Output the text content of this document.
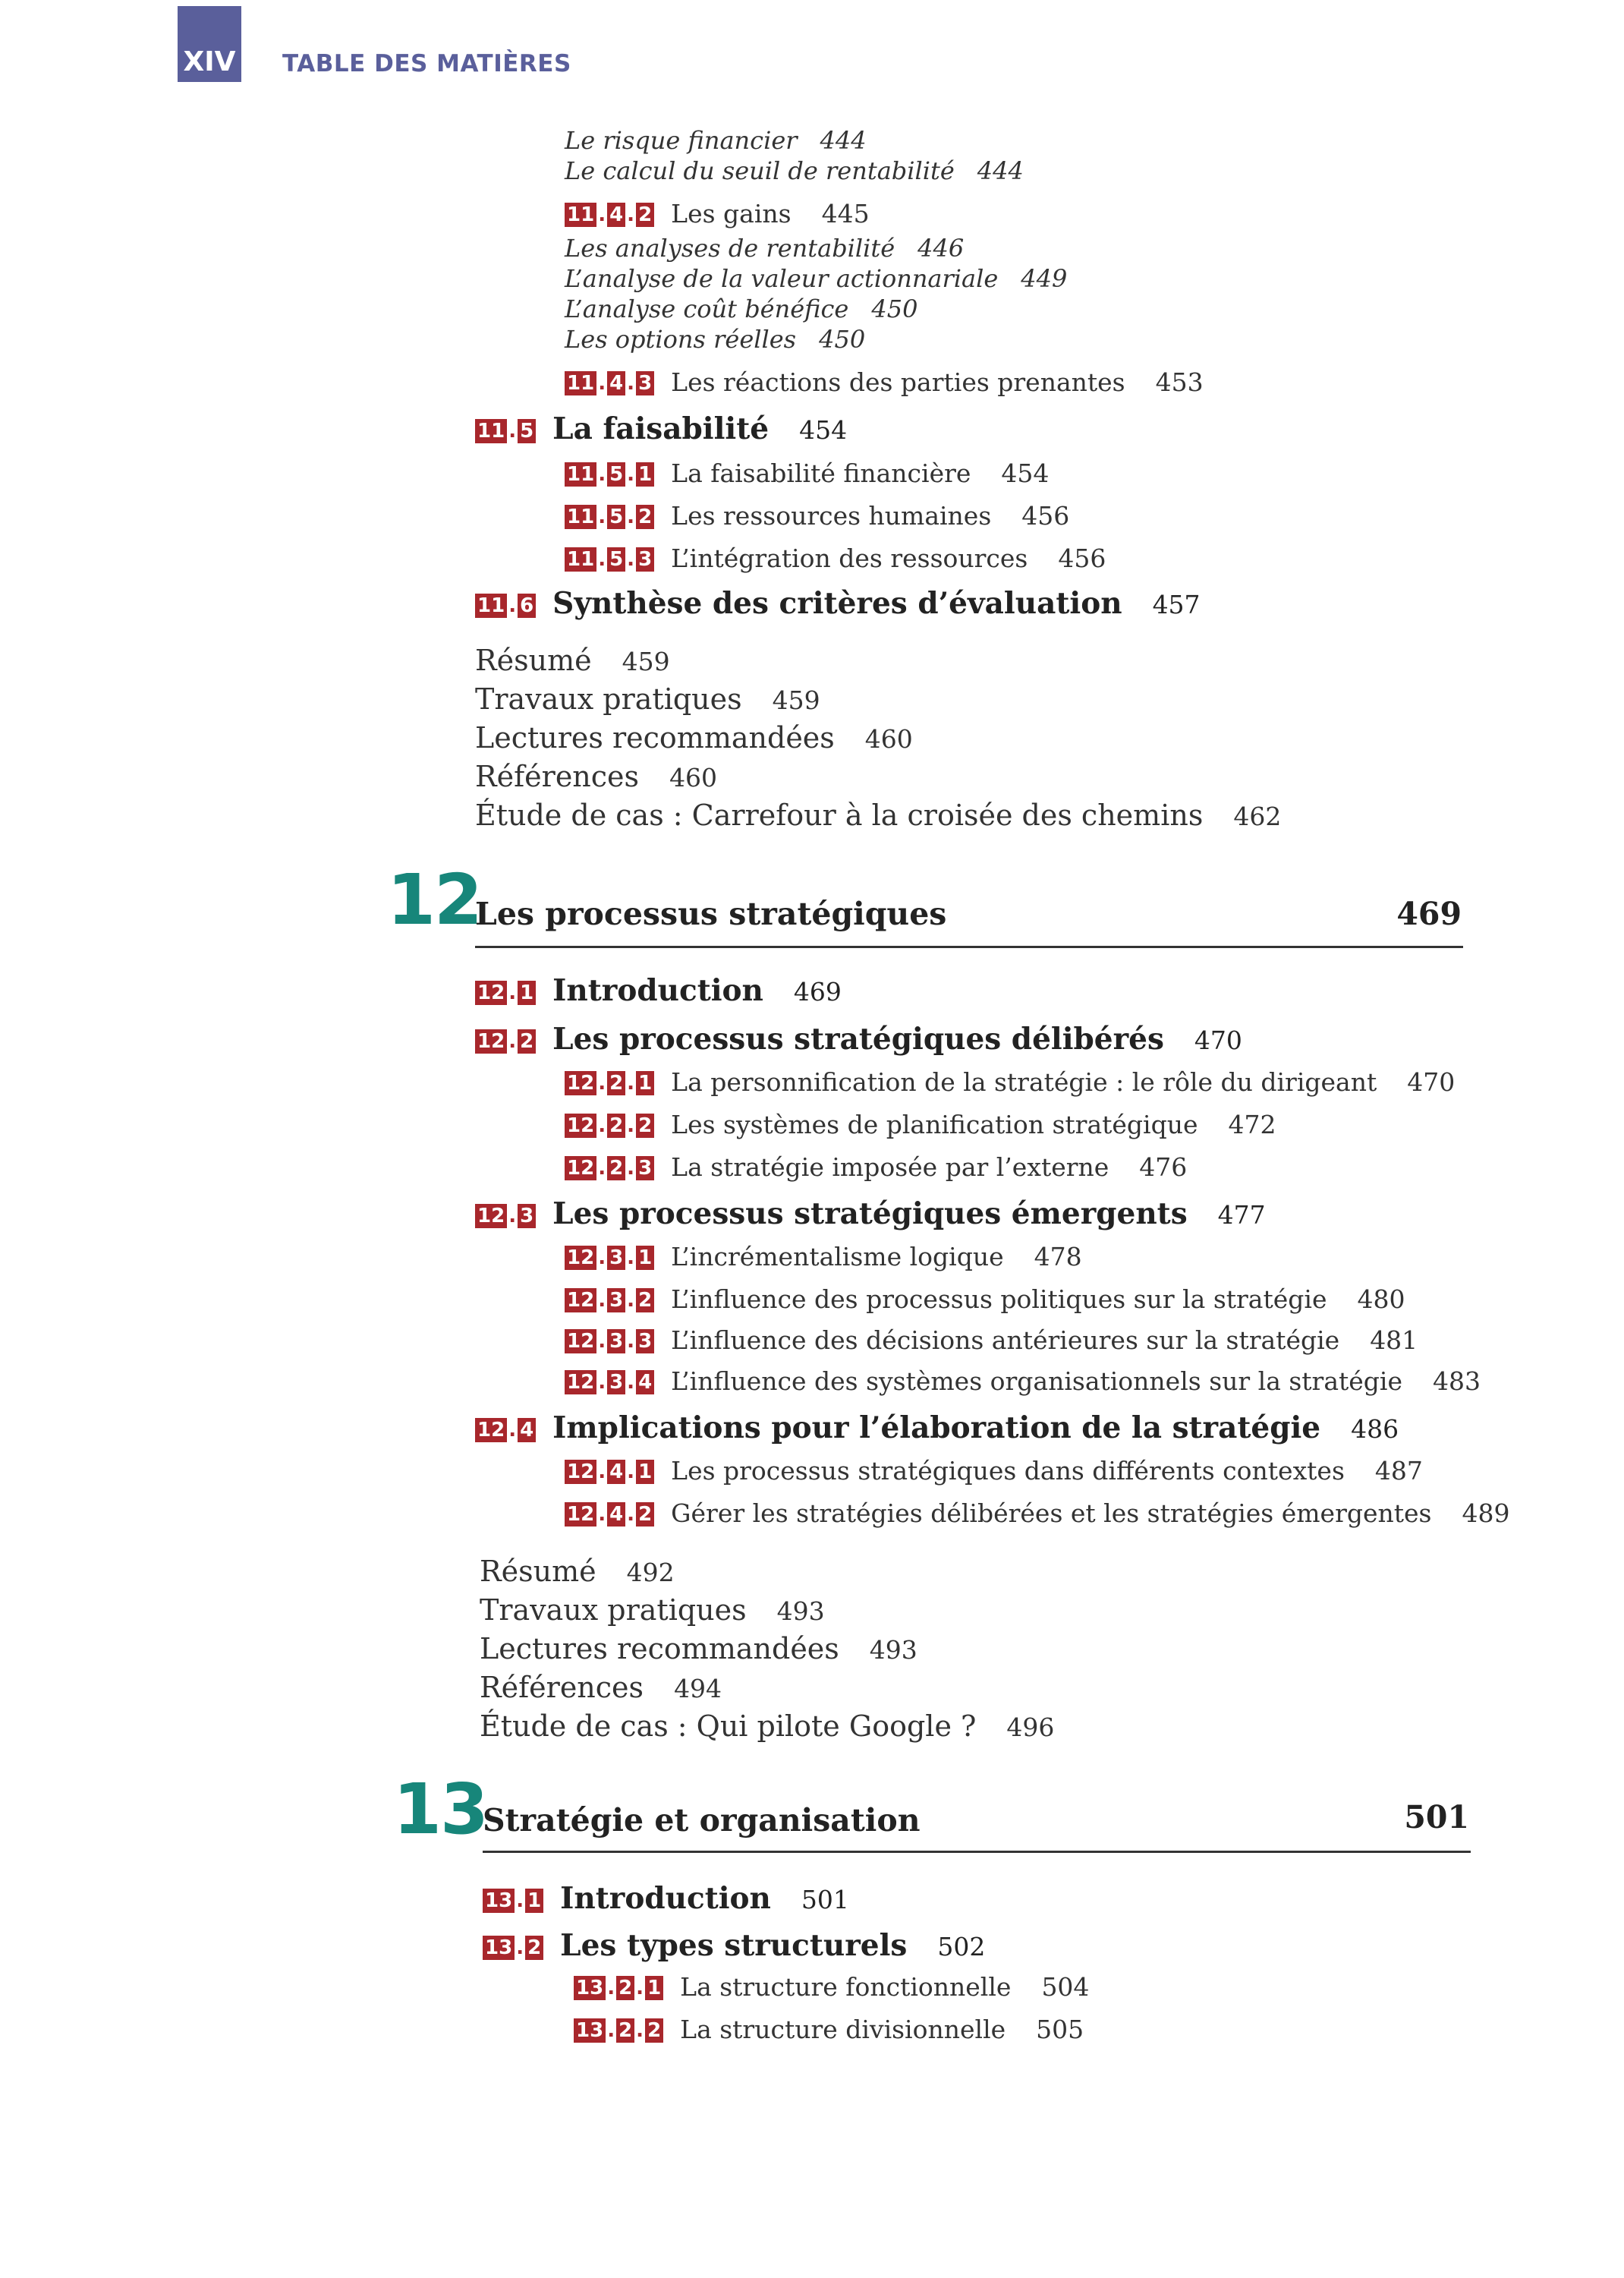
XIV TABLE DES MATIÈRES
Le risque financier 444
Le calcul du seuil de rentabilité 444
11 . 4 . 2 Les gains 445
Les analyses de rentabilité 446
L’analyse de la valeur actionnariale 449
L’analyse coût bénéfice 450
Les options réelles 450
11 . 4 . 3 Les réactions des parties prenantes 453
11 . 5 La faisabilité 454
11 . 5 . 1 La faisabilité financière 454
11 . 5 . 2 Les ressources humaines 456
11 . 5 . 3 L’intégration des ressources 456
11 . 6 Synthèse des critères d’évaluation 457
Résumé 459
Travaux pratiques 459
Lectures recommandées 460
Références 460
Étude de cas : Carrefour à la croisée des chemins 462
12
Les processus stratégiques	469
12 . 1 Introduction 469
12 . 2 Les processus stratégiques délibérés 470
12 . 2 . 1 La personnification de la stratégie : le rôle du dirigeant 470
12 . 2 . 2 Les systèmes de planification stratégique 472
12 . 2 . 3 La stratégie imposée par l’externe 476
12 . 3 Les processus stratégiques émergents 477
12 . 3 . 1 L’incrémentalisme logique 478
12 . 3 . 2 L’influence des processus politiques sur la stratégie 480
12 . 3 . 3 L’influence des décisions antérieures sur la stratégie 481
12 . 3 . 4 L’influence des systèmes organisationnels sur la stratégie 483
12 . 4 Implications pour l’élaboration de la stratégie 486
12 . 4 . 1 Les processus stratégiques dans différents contextes 487
12 . 4 . 2 Gérer les stratégies délibérées et les stratégies émergentes 489
Résumé 492
Travaux pratiques 493
Lectures recommandées 493
Références 494
Étude de cas : Qui pilote Google ? 496
13
Stratégie et organisation	501
13 . 1 Introduction 501
13 . 2 Les types structurels 502
13 . 2 . 1 La structure fonctionnelle 504
13 . 2 . 2 La structure divisionnelle 505
